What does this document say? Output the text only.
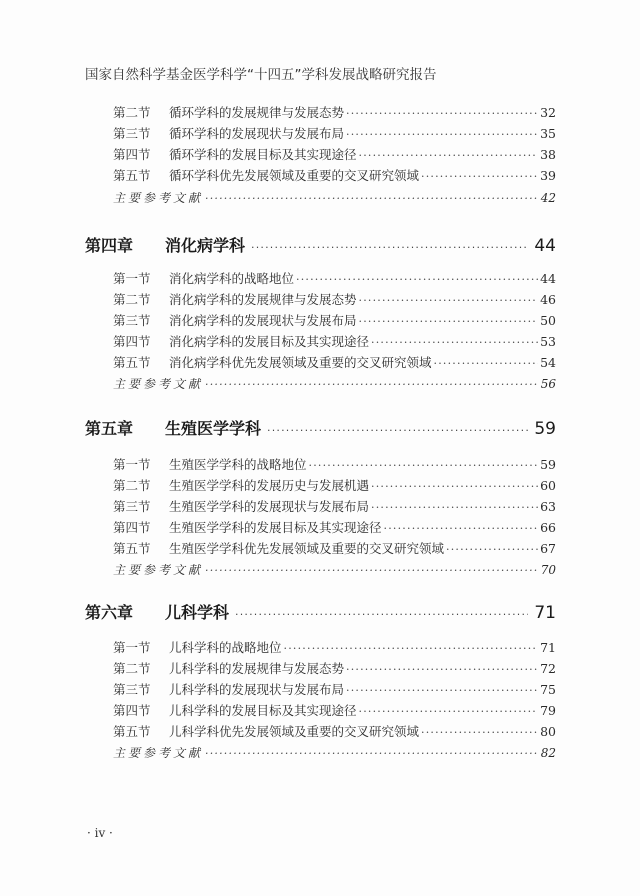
国家自然科学基金医学科学“十四五”学科发展战略研究报告
第二节	循环学科的发展规律与发展态势 ·····	32
第三节	循环学科的发展现状与发展布局 ·····	35
第四节	循环学科的发展目标及其实现途径 ·····	38
第五节	循环学科优先发展领域及重要的交叉研究领域 ·····	39
主要参考文献 ·····	42
第四章	消化病学科 ·····	44
第一节	消化病学科的战略地位 ·····	44
第二节	消化病学科的发展规律与发展态势 ·····	46
第三节	消化病学科的发展现状与发展布局 ·····	50
第四节	消化病学科的发展目标及其实现途径 ·····	53
第五节	消化病学科优先发展领域及重要的交叉研究领域 ·····	54
主要参考文献 ·····	56
第五章	生殖医学学科 ·····	59
第一节	生殖医学学科的战略地位 ·····	59
第二节	生殖医学学科的发展历史与发展机遇 ·····	60
第三节	生殖医学学科的发展现状与发展布局 ·····	63
第四节	生殖医学学科的发展目标及其实现途径 ·····	66
第五节	生殖医学学科优先发展领域及重要的交叉研究领域 ·····	67
主要参考文献 ·····	70
第六章	儿科学科 ·····	71
第一节	儿科学科的战略地位 ·····	71
第二节	儿科学科的发展规律与发展态势 ·····	72
第三节	儿科学科的发展现状与发展布局 ·····	75
第四节	儿科学科的发展目标及其实现途径 ·····	79
第五节	儿科学科优先发展领域及重要的交叉研究领域 ·····	80
主要参考文献 ·····	82
· iv ·
